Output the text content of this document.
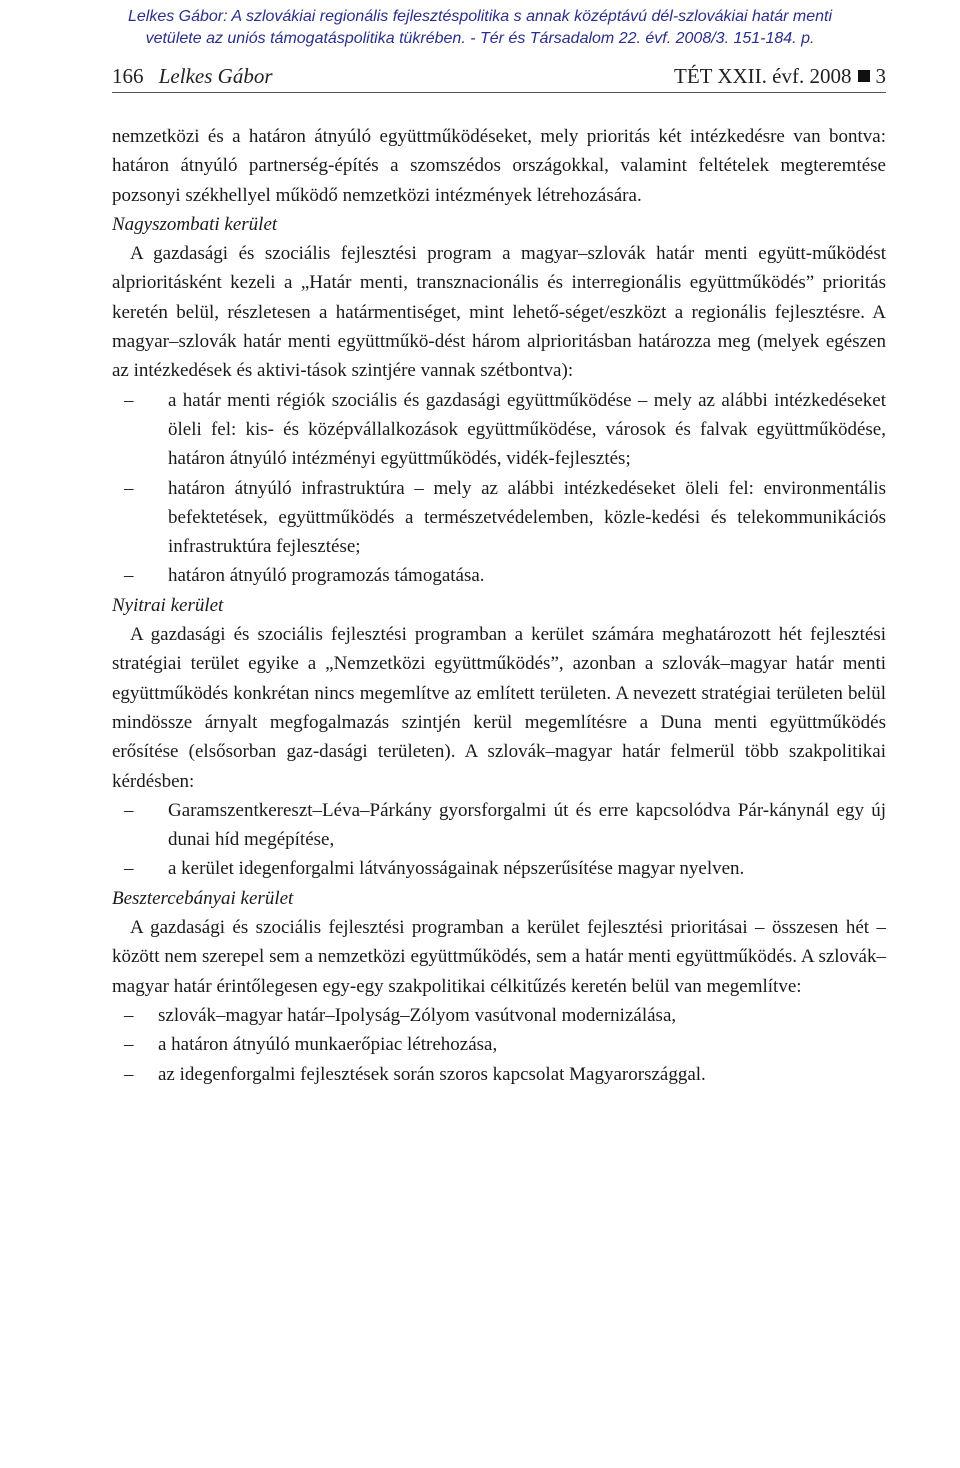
Lelkes Gábor: A szlovákiai regionális fejlesztéspolitika s annak középtávú dél-szlovákiai határ menti
vetülete az uniós támogatáspolitika tükrében. - Tér és Társadalom 22. évf. 2008/3. 151-184. p.
166 Lelkes Gábor	TÉT XXII. évf. 2008 3

nemzetközi és a határon átnyúló együttműködéseket, mely prioritás két intézkedésre van bontva: határon átnyúló partnerség-építés a szomszédos országokkal, valamint feltételek megteremtése pozsonyi székhellyel működő nemzetközi intézmények létrehozására.

Nagyszombati kerület

A gazdasági és szociális fejlesztési program a magyar–szlovák határ menti együtt-működést alprioritásként kezeli a „Határ menti, transznacionális és interregionális együttműködés” prioritás keretén belül, részletesen a határmentiséget, mint lehető-séget/eszközt a regionális fejlesztésre. A magyar–szlovák határ menti együttműkö-dést három alprioritásban határozza meg (melyek egészen az intézkedések és aktivi-tások szintjére vannak szétbontva):

– a határ menti régiók szociális és gazdasági együttműködése – mely az alábbi intézkedéseket öleli fel: kis- és középvállalkozások együttműködése, városok és falvak együttműködése, határon átnyúló intézményi együttműködés, vidék-fejlesztés;
– határon átnyúló infrastruktúra – mely az alábbi intézkedéseket öleli fel: environmentális befektetések, együttműködés a természetvédelemben, közle-kedési és telekommunikációs infrastruktúra fejlesztése;
– határon átnyúló programozás támogatása.

Nyitrai kerület

A gazdasági és szociális fejlesztési programban a kerület számára meghatározott hét fejlesztési stratégiai terület egyike a „Nemzetközi együttműködés”, azonban a szlovák–magyar határ menti együttműködés konkrétan nincs megemlítve az említett területen. A nevezett stratégiai területen belül mindössze árnyalt megfogalmazás szintjén kerül megemlítésre a Duna menti együttműködés erősítése (elsősorban gaz-dasági területen). A szlovák–magyar határ felmerül több szakpolitikai kérdésben:

– Garamszentkereszt–Léva–Párkány gyorsforgalmi út és erre kapcsolódva Pár-kánynál egy új dunai híd megépítése,
– a kerület idegenforgalmi látványosságainak népszerűsítése magyar nyelven.

Besztercebányai kerület

A gazdasági és szociális fejlesztési programban a kerület fejlesztési prioritásai – összesen hét – között nem szerepel sem a nemzetközi együttműködés, sem a határ menti együttműködés. A szlovák–magyar határ érintőlegesen egy-egy szakpolitikai célkitűzés keretén belül van megemlítve:

– szlovák–magyar határ–Ipolyság–Zólyom vasútvonal modernizálása,
– a határon átnyúló munkaerőpiac létrehozása,
– az idegenforgalmi fejlesztések során szoros kapcsolat Magyarországgal.
